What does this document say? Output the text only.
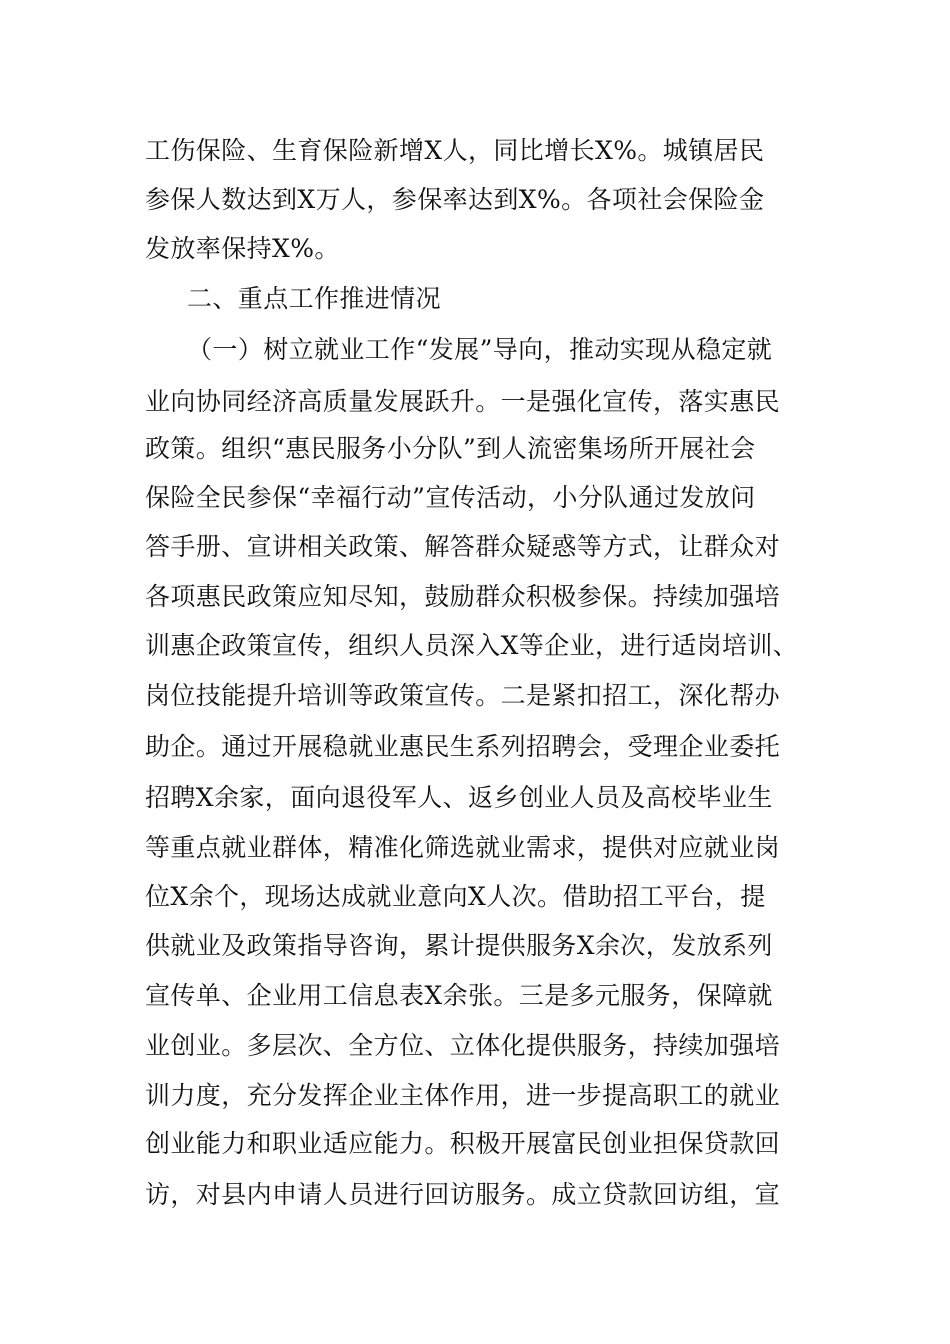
工伤保险、生育保险新增X人，同比增长X%。城镇居民
参保人数达到X万人，参保率达到X%。各项社会保险金
发放率保持X%。
二、重点工作推进情况
（一）树立就业工作“发展”导向，推动实现从稳定就
业向协同经济高质量发展跃升。一是强化宣传，落实惠民
政策。组织“惠民服务小分队”到人流密集场所开展社会
保险全民参保“幸福行动”宣传活动，小分队通过发放问
答手册、宣讲相关政策、解答群众疑惑等方式，让群众对
各项惠民政策应知尽知，鼓励群众积极参保。持续加强培
训惠企政策宣传，组织人员深入X等企业，进行适岗培训、
岗位技能提升培训等政策宣传。二是紧扣招工，深化帮办
助企。通过开展稳就业惠民生系列招聘会，受理企业委托
招聘X余家，面向退役军人、返乡创业人员及高校毕业生
等重点就业群体，精准化筛选就业需求，提供对应就业岗
位X余个，现场达成就业意向X人次。借助招工平台，提
供就业及政策指导咨询，累计提供服务X余次，发放系列
宣传单、企业用工信息表X余张。三是多元服务，保障就
业创业。多层次、全方位、立体化提供服务，持续加强培
训力度，充分发挥企业主体作用，进一步提高职工的就业
创业能力和职业适应能力。积极开展富民创业担保贷款回
访，对县内申请人员进行回访服务。成立贷款回访组，宣
